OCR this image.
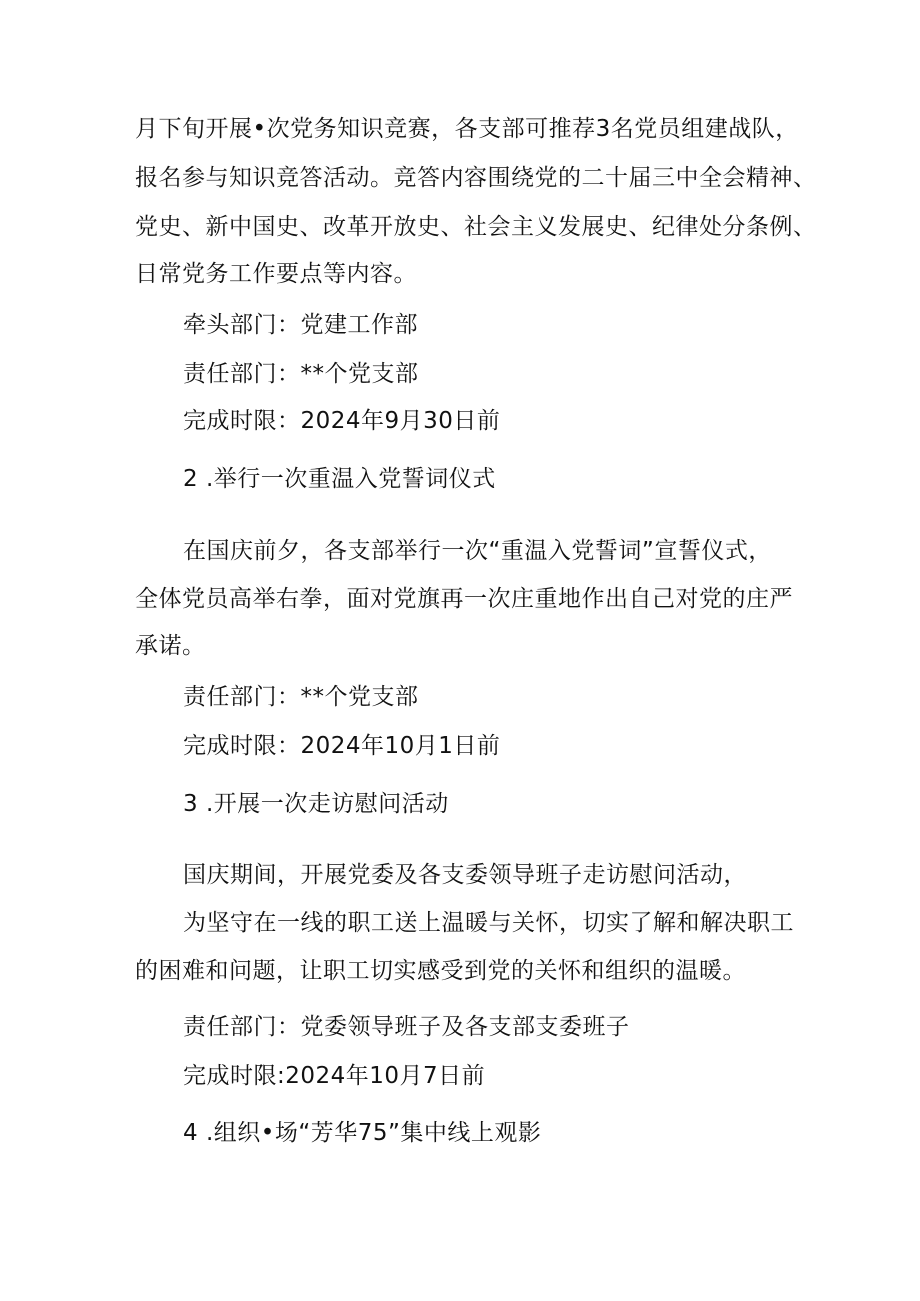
月下旬开展•次党务知识竞赛，各支部可推荐3名党员组建战队，
报名参与知识竞答活动。竞答内容围绕党的二十届三中全会精神、
党史、新中国史、改革开放史、社会主义发展史、纪律处分条例、
日常党务工作要点等内容。
牵头部门：党建工作部
责任部门：**个党支部
完成时限：2024年9月30日前
2 .举行一次重温入党誓词仪式
在国庆前夕，各支部举行一次“重温入党誓词”宣誓仪式，
全体党员高举右拳，面对党旗再一次庄重地作出自己对党的庄严
承诺。
责任部门：**个党支部
完成时限：2024年10月1日前
3 .开展一次走访慰问活动
国庆期间，开展党委及各支委领导班子走访慰问活动，
为坚守在一线的职工送上温暖与关怀，切实了解和解决职工
的困难和问题，让职工切实感受到党的关怀和组织的温暖。
责任部门：党委领导班子及各支部支委班子
完成时限:2024年10月7日前
4 .组织•场“芳华75”集中线上观影
